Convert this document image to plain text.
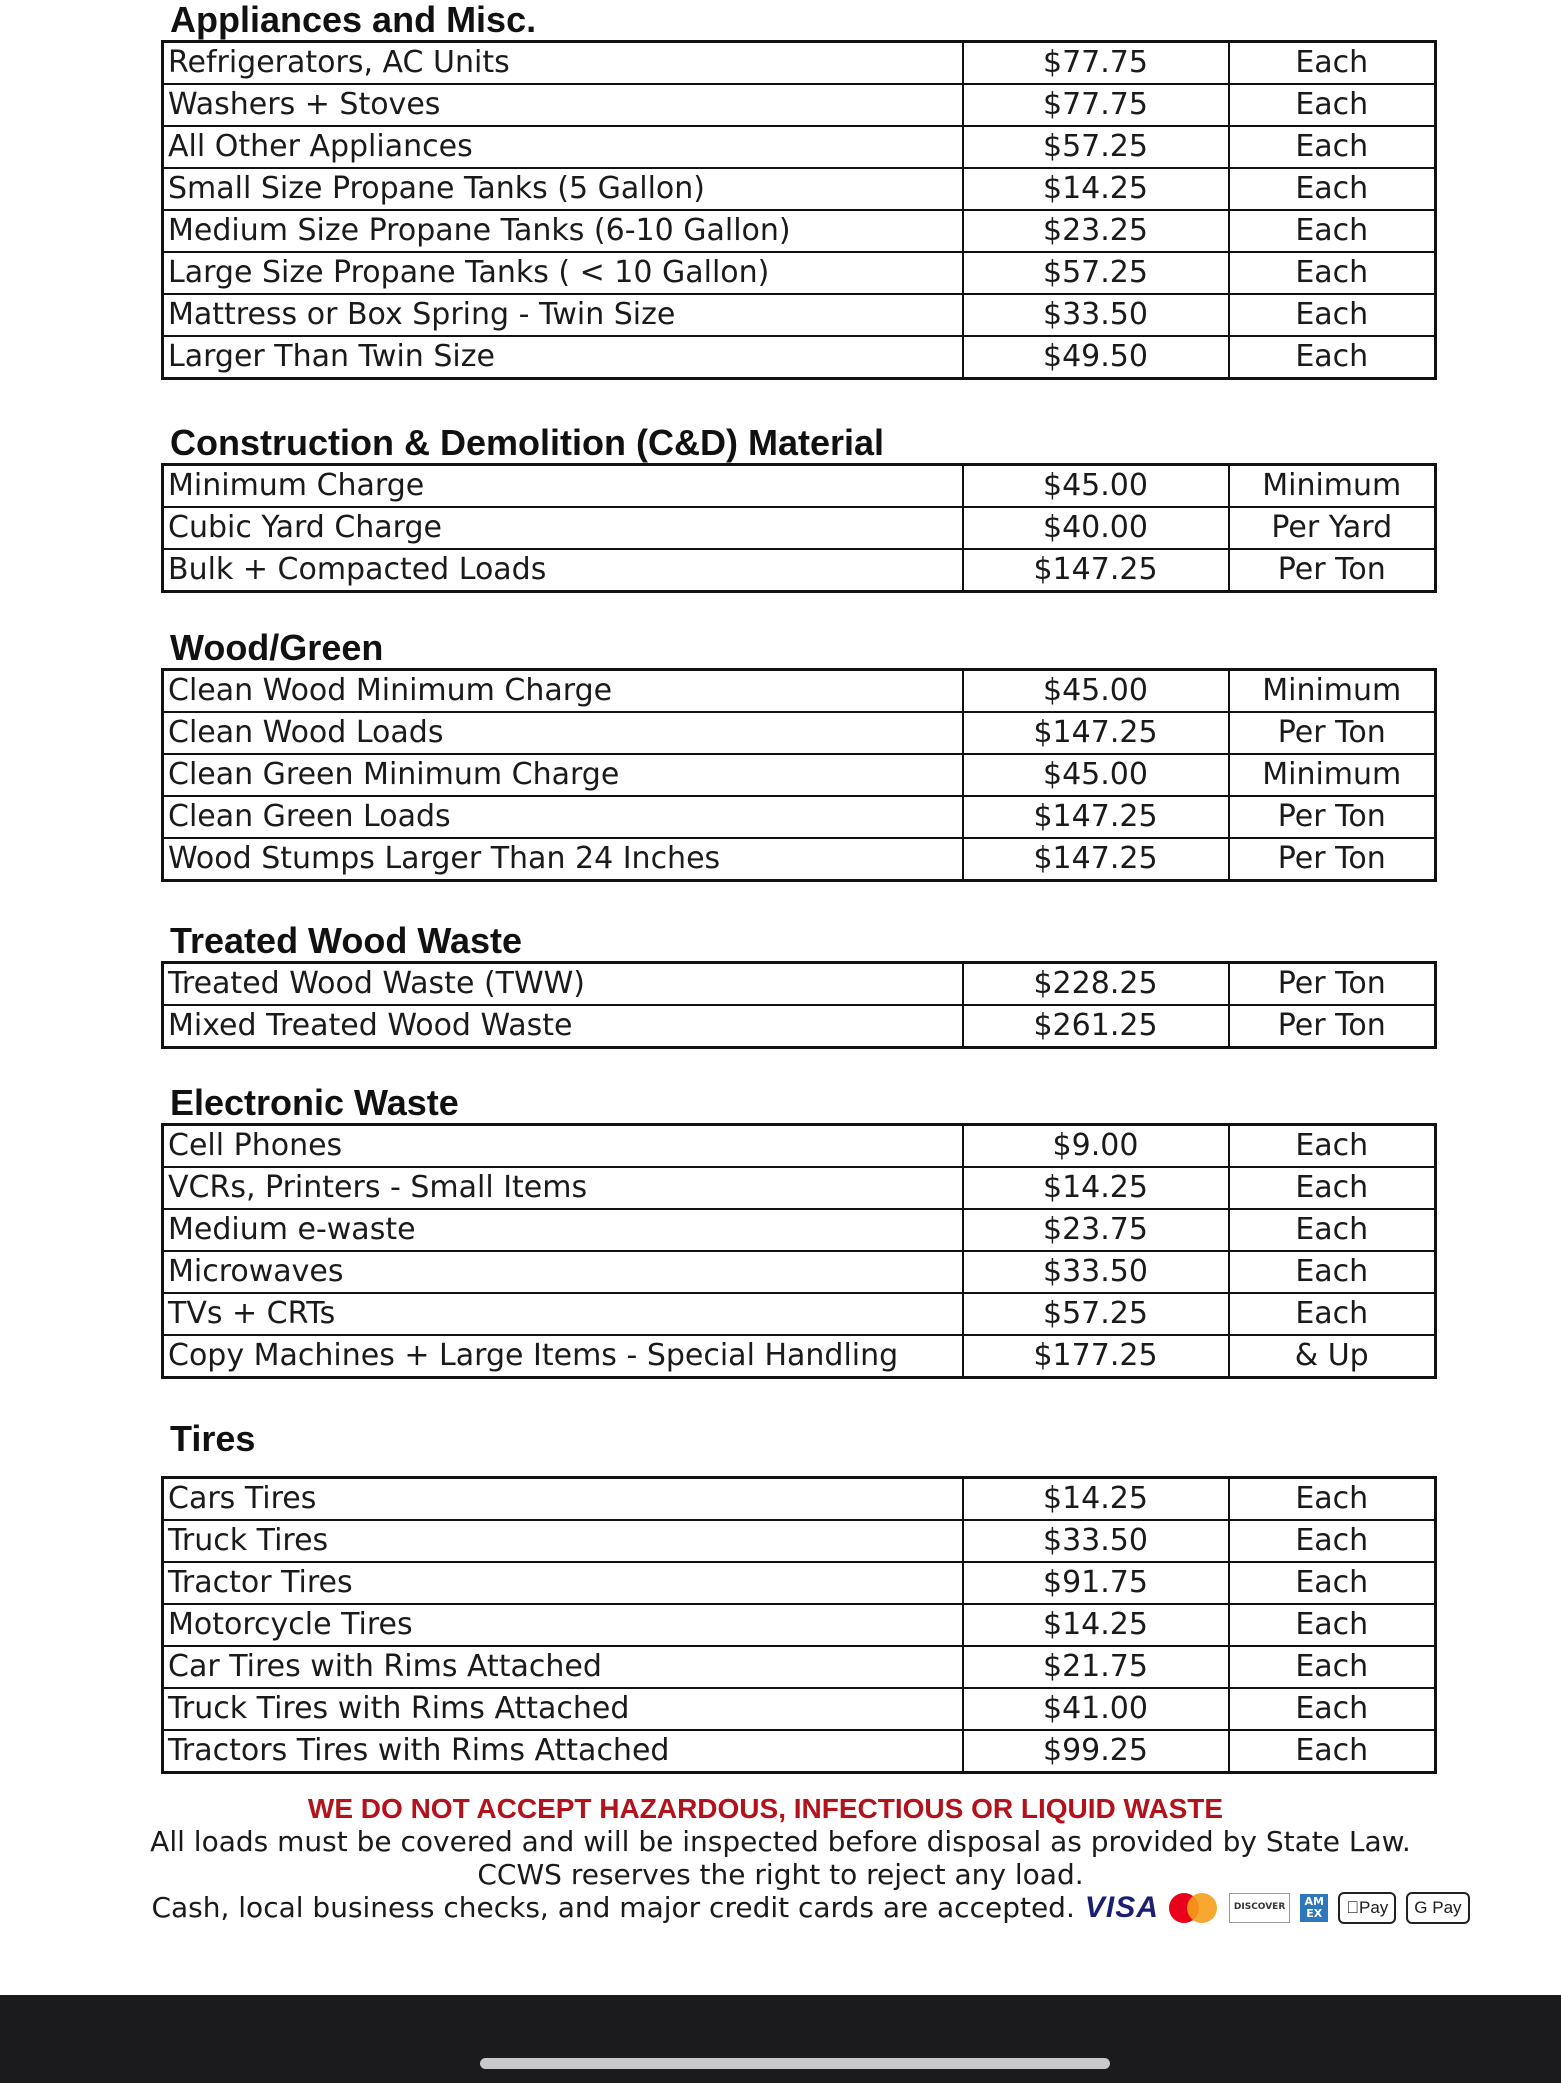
Appliances and Misc.
Refrigerators, AC Units	$77.75	Each
Washers + Stoves	$77.75	Each
All Other Appliances	$57.25	Each
Small Size Propane Tanks (5 Gallon)	$14.25	Each
Medium Size Propane Tanks (6-10 Gallon)	$23.25	Each
Large Size Propane Tanks ( < 10 Gallon)	$57.25	Each
Mattress or Box Spring - Twin Size	$33.50	Each
Larger Than Twin Size	$49.50	Each
Construction & Demolition (C&D) Material
Minimum Charge	$45.00	Minimum
Cubic Yard Charge	$40.00	Per Yard
Bulk + Compacted Loads	$147.25	Per Ton
Wood/Green
Clean Wood Minimum Charge	$45.00	Minimum
Clean Wood Loads	$147.25	Per Ton
Clean Green Minimum Charge	$45.00	Minimum
Clean Green Loads	$147.25	Per Ton
Wood Stumps Larger Than 24 Inches	$147.25	Per Ton
Treated Wood Waste
Treated Wood Waste (TWW)	$228.25	Per Ton
Mixed Treated Wood Waste	$261.25	Per Ton
Electronic Waste
Cell Phones	$9.00	Each
VCRs, Printers - Small Items	$14.25	Each
Medium e-waste	$23.75	Each
Microwaves	$33.50	Each
TVs + CRTs	$57.25	Each
Copy Machines + Large Items - Special Handling	$177.25	& Up
Tires
Cars Tires	$14.25	Each
Truck Tires	$33.50	Each
Tractor Tires	$91.75	Each
Motorcycle Tires	$14.25	Each
Car Tires with Rims Attached	$21.75	Each
Truck Tires with Rims Attached	$41.00	Each
Tractors Tires with Rims Attached	$99.25	Each
WE DO NOT ACCEPT HAZARDOUS, INFECTIOUS OR LIQUID WASTE
All loads must be covered and will be inspected before disposal as provided by State Law.
CCWS reserves the right to reject any load.
Cash, local business checks, and major credit cards are accepted. VISA	DISCOVER	AM EX	Pay	G Pay
